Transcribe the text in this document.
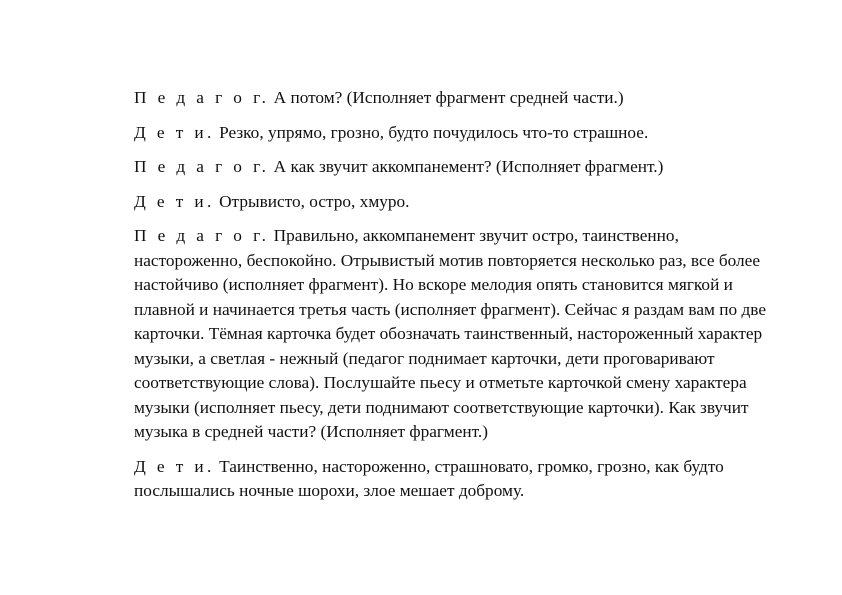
П е д а г о г. А потом? (Исполняет фрагмент средней части.)

Д е т и. Резко, упрямо, грозно, будто почудилось что-то страшное.

П е д а г о г. А как звучит аккомпанемент? (Исполняет фрагмент.)

Д е т и. Отрывисто, остро, хмуро.

П е д а г о г. Правильно, аккомпанемент звучит остро, таинственно, настороженно, беспокойно. Отрывистый мотив повторяется несколько раз, все более настойчиво (исполняет фрагмент). Но вскоре мелодия опять становится мягкой и плавной и начинается третья часть (исполняет фрагмент). Сейчас я раздам вам по две карточки. Тёмная карточка будет обозначать таинственный, настороженный характер музыки, а светлая - нежный (педагог поднимает карточки, дети проговаривают соответствующие слова). Послушайте пьесу и отметьте карточкой смену характера музыки (исполняет пьесу, дети поднимают соответствующие карточки). Как звучит музыка в средней части? (Исполняет фрагмент.)

Д е т и. Таинственно, настороженно, страшновато, громко, грозно, как будто послышались ночные шорохи, злое мешает доброму.
